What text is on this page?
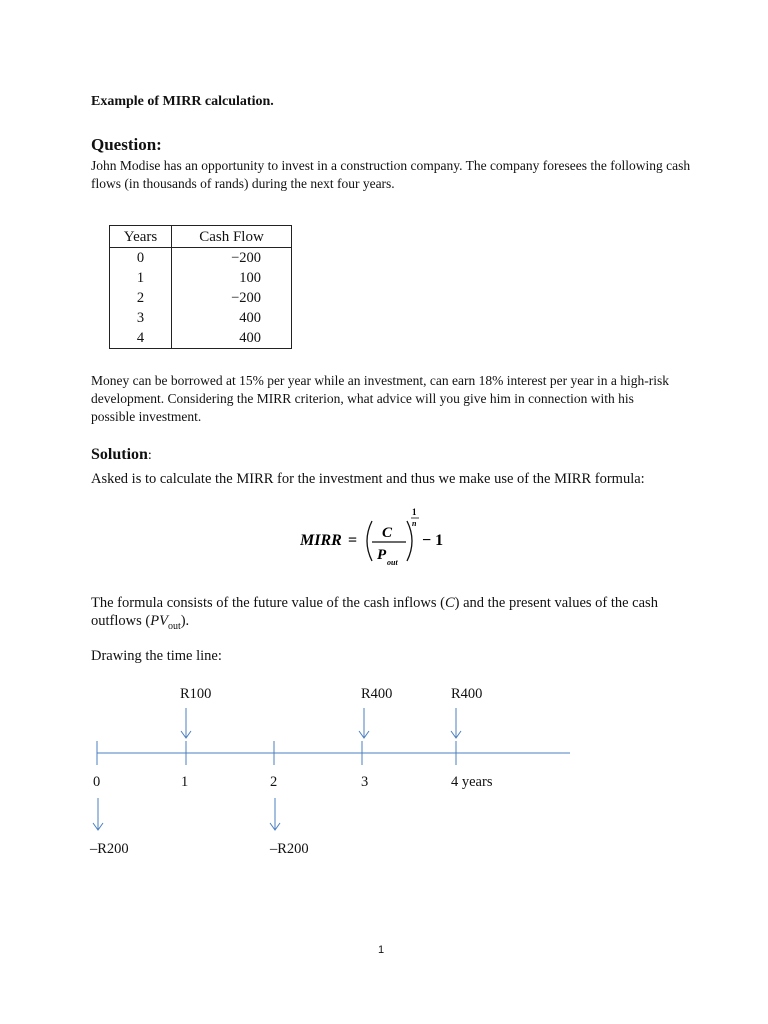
Example of MIRR calculation.
Question:
John Modise has an opportunity to invest in a construction company. The company foresees the following cash flows (in thousands of rands) during the next four years.
Years	Cash Flow
0	−200
1	100
2	−200
3	400
4	400
Money can be borrowed at 15% per year while an investment, can earn 18% interest per year in a high-risk development. Considering the MIRR criterion, what advice will you give him in connection with his possible investment.
Solution:
Asked is to calculate the MIRR for the investment and thus we make use of the MIRR formula:
MIRR = C
P out
1
n
− 1
The formula consists of the future value of the cash inflows (C) and the present values of the cash outflows $(PV_{out})$.
Drawing the time line:
R100	R400	R400
0	1	2	3	4 years
–R200	–R200
1
